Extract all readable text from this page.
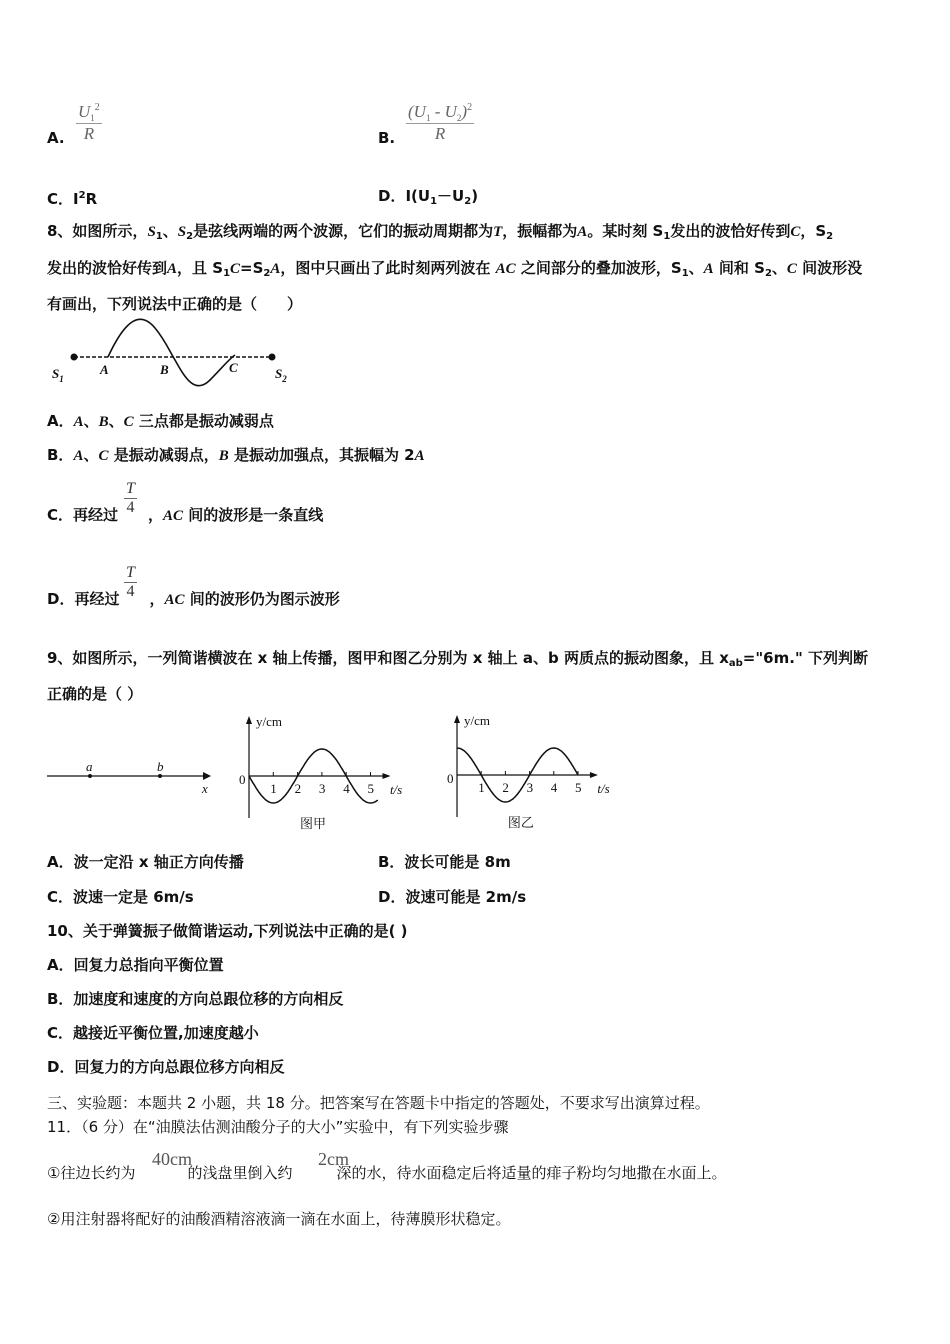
A. $\frac{U_1^2}{R}$	B. $\frac{(U_1 - U_2)^2}{R}$
C．$I^2R$	D．$I(U_1-U_2)$
8、如图所示，$S_1$、$S_2$是弦线两端的两个波源，它们的振动周期都为T，振幅都为A。某时刻 $S_1$发出的波恰好传到C，$S_2$
发出的波恰好传到A，且 $S_1C=S_2A$，图中只画出了此时刻两列波在 AC 之间部分的叠加波形，$S_1$、A 间和 $S_2$、C 间波形没
有画出，下列说法中正确的是（　　）
$S_1$
A	B	C	$S_2$
a	b
x
A．A、B、C 三点都是振动减弱点
B．A、C 是振动减弱点，B 是振动加强点，其振幅为 2A
C．再经过 ，AC 间的波形是一条直线
$\frac{T}{4}$
D．再经过 ，AC 间的波形仍为图示波形
$\frac{T}{4}$
9、如图所示，一列简谐横波在 x 轴上传播，图甲和图乙分别为 x 轴上 a、b 两质点的振动图象，且 $x_{ab}="6m$." 下列判断
正确的是（ ）
1 2 3 4 5
0
y/cm
t/s
图甲
1 2 3 4 5
0
y/cm
t/s
图乙
A．波一定沿 x 轴正方向传播	B．波长可能是 8m
C．波速一定是 6m/s	D．波速可能是 2m/s
10、关于弹簧振子做简谐运动,下列说法中正确的是( )
A．回复力总指向平衡位置
B．加速度和速度的方向总跟位移的方向相反
C．越接近平衡位置,加速度越小
D．回复力的方向总跟位移方向相反
三、实验题：本题共 2 小题，共 18 分。把答案写在答题卡中指定的答题处，不要求写出演算过程。
11．（6 分）在“油膜法估测油酸分子的大小”实验中，有下列实验步骤
①往边长约为	的浅盘里倒入约	深的水，待水面稳定后将适量的痱子粉均匀地撒在水面上。
40cm	2cm
②用注射器将配好的油酸酒精溶液滴一滴在水面上，待薄膜形状稳定。
